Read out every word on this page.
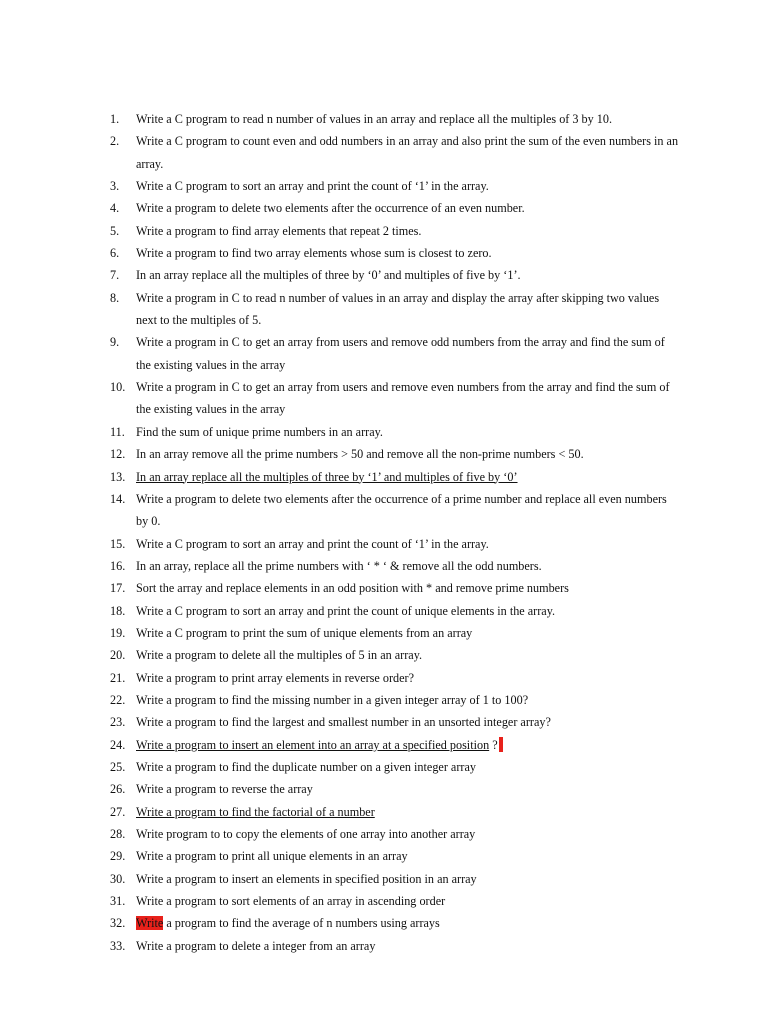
1.	Write a C program to read n number of values in an array and replace all the multiples of 3 by 10.
2.	Write a C program to count even and odd numbers in an array and also print the sum of the even numbers in an array.
3.	Write a C program to sort an array and print the count of ‘1’ in the array.
4.	Write a program to delete two elements after the occurrence of an even number.
5.	Write a program to find array elements that repeat 2 times.
6.	Write a program to find two array elements whose sum is closest to zero.
7.	In an array replace all the multiples of three by ‘0’ and multiples of five by ‘1’.
8.	Write a program in C to read n number of values in an array and display the array after skipping two values next to the multiples of 5.
9.	Write a program in C to get an array from users and remove odd numbers from the array and find the sum of the existing values in the array
10. Write a program in C to get an array from users and remove even numbers from the array and find the sum of the existing values in the array
11. Find the sum of unique prime numbers in an array.
12. In an array remove all the prime numbers > 50 and remove all the non-prime numbers < 50.
13. In an array replace all the multiples of three by ‘1’ and multiples of five by ‘0’
14. Write a program to delete two elements after the occurrence of a prime number and replace all even numbers by 0.
15. Write a C program to sort an array and print the count of ‘1’ in the array.
16. In an array, replace all the prime numbers with ‘ * ‘ & remove all the odd numbers.
17. Sort the array and replace elements in an odd position with * and remove prime numbers
18. Write a C program to sort an array and print the count of unique elements in the array.
19. Write a C program to print the sum of unique elements from an array
20. Write a program to delete all the multiples of 5 in an array.
21. Write a program to print array elements in reverse order?
22. Write a program to find the missing number in a given integer array of 1 to 100?
23. Write a program to find the largest and smallest number in an unsorted integer array?
24. Write a program to insert an element into an array at a specified position ?
25. Write a program to find the duplicate number on a given integer array
26. Write a program to reverse the array
27. Write a program to find the factorial of a number
28. Write program to to copy the elements of one array into another array
29. Write a program to print all unique elements in an array
30. Write a program to insert an elements in specified position in an array
31. Write a program to sort elements of an array in ascending order
32. Write a program to find the average of n numbers using arrays
33. Write a program to delete a integer from an array
